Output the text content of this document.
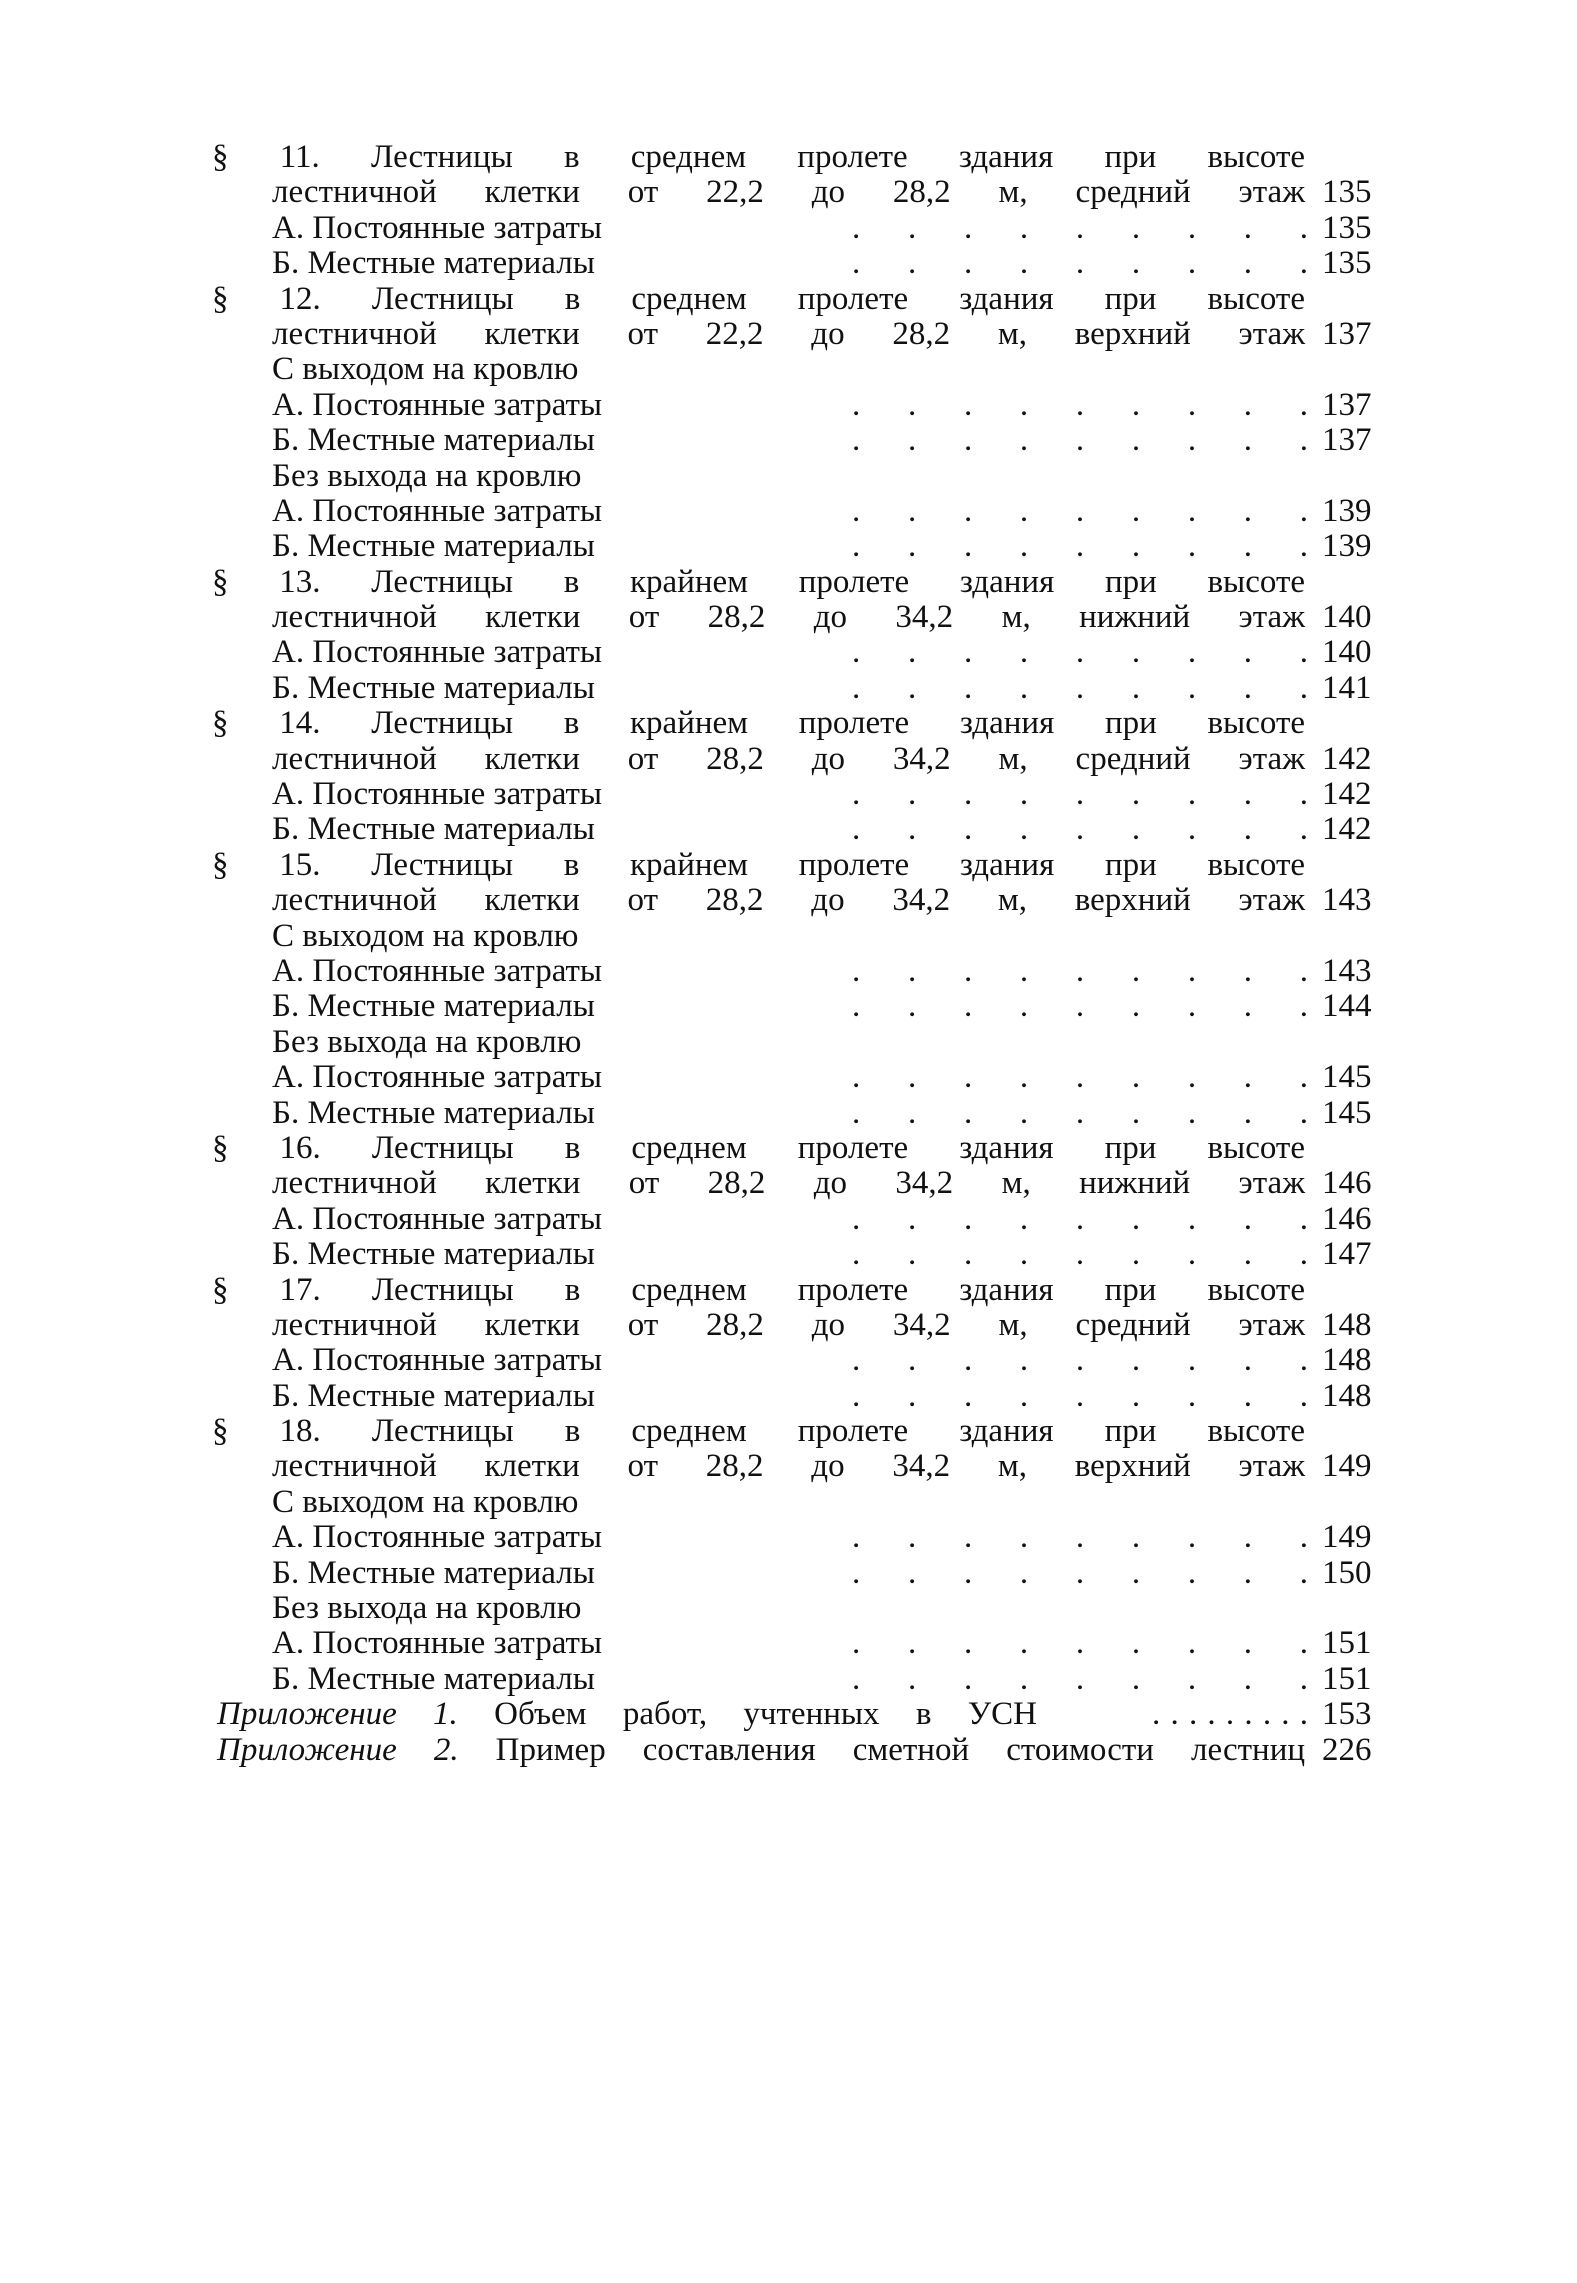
§ 11. Лестницы в среднем пролете здания при высоте
лестничной клетки от 22,2 до 28,2 м, средний этаж 135
А. Постоянные затраты	. . . . . . . . . 135
Б. Местные материалы	. . . . . . . . . 135
§ 12. Лестницы в среднем пролете здания при высоте
лестничной клетки от 22,2 до 28,2 м, верхний этаж 137
С выходом на кровлю
А. Постоянные затраты	. . . . . . . . . 137
Б. Местные материалы	. . . . . . . . . 137
Без выхода на кровлю
А. Постоянные затраты	. . . . . . . . . 139
Б. Местные материалы	. . . . . . . . . 139
§ 13. Лестницы в крайнем пролете здания при высоте
лестничной клетки от 28,2 до 34,2 м, нижний этаж 140
А. Постоянные затраты	. . . . . . . . . 140
Б. Местные материалы	. . . . . . . . . 141
§ 14. Лестницы в крайнем пролете здания при высоте
лестничной клетки от 28,2 до 34,2 м, средний этаж 142
А. Постоянные затраты	. . . . . . . . . 142
Б. Местные материалы	. . . . . . . . . 142
§ 15. Лестницы в крайнем пролете здания при высоте
лестничной клетки от 28,2 до 34,2 м, верхний этаж 143
С выходом на кровлю
А. Постоянные затраты	. . . . . . . . . 143
Б. Местные материалы	. . . . . . . . . 144
Без выхода на кровлю
А. Постоянные затраты	. . . . . . . . . 145
Б. Местные материалы	. . . . . . . . . 145
§ 16. Лестницы в среднем пролете здания при высоте
лестничной клетки от 28,2 до 34,2 м, нижний этаж 146
А. Постоянные затраты	. . . . . . . . . 146
Б. Местные материалы	. . . . . . . . . 147
§ 17. Лестницы в среднем пролете здания при высоте
лестничной клетки от 28,2 до 34,2 м, средний этаж 148
А. Постоянные затраты	. . . . . . . . . 148
Б. Местные материалы	. . . . . . . . . 148
§ 18. Лестницы в среднем пролете здания при высоте
лестничной клетки от 28,2 до 34,2 м, верхний этаж 149
С выходом на кровлю
А. Постоянные затраты	. . . . . . . . . 149
Б. Местные материалы	. . . . . . . . . 150
Без выхода на кровлю
А. Постоянные затраты	. . . . . . . . . 151
Б. Местные материалы	. . . . . . . . . 151
Приложение 1. Объем работ, учтенных в УСН	. . . . . . . . . 153
Приложение 2. Пример составления сметной стоимости лестниц 226
